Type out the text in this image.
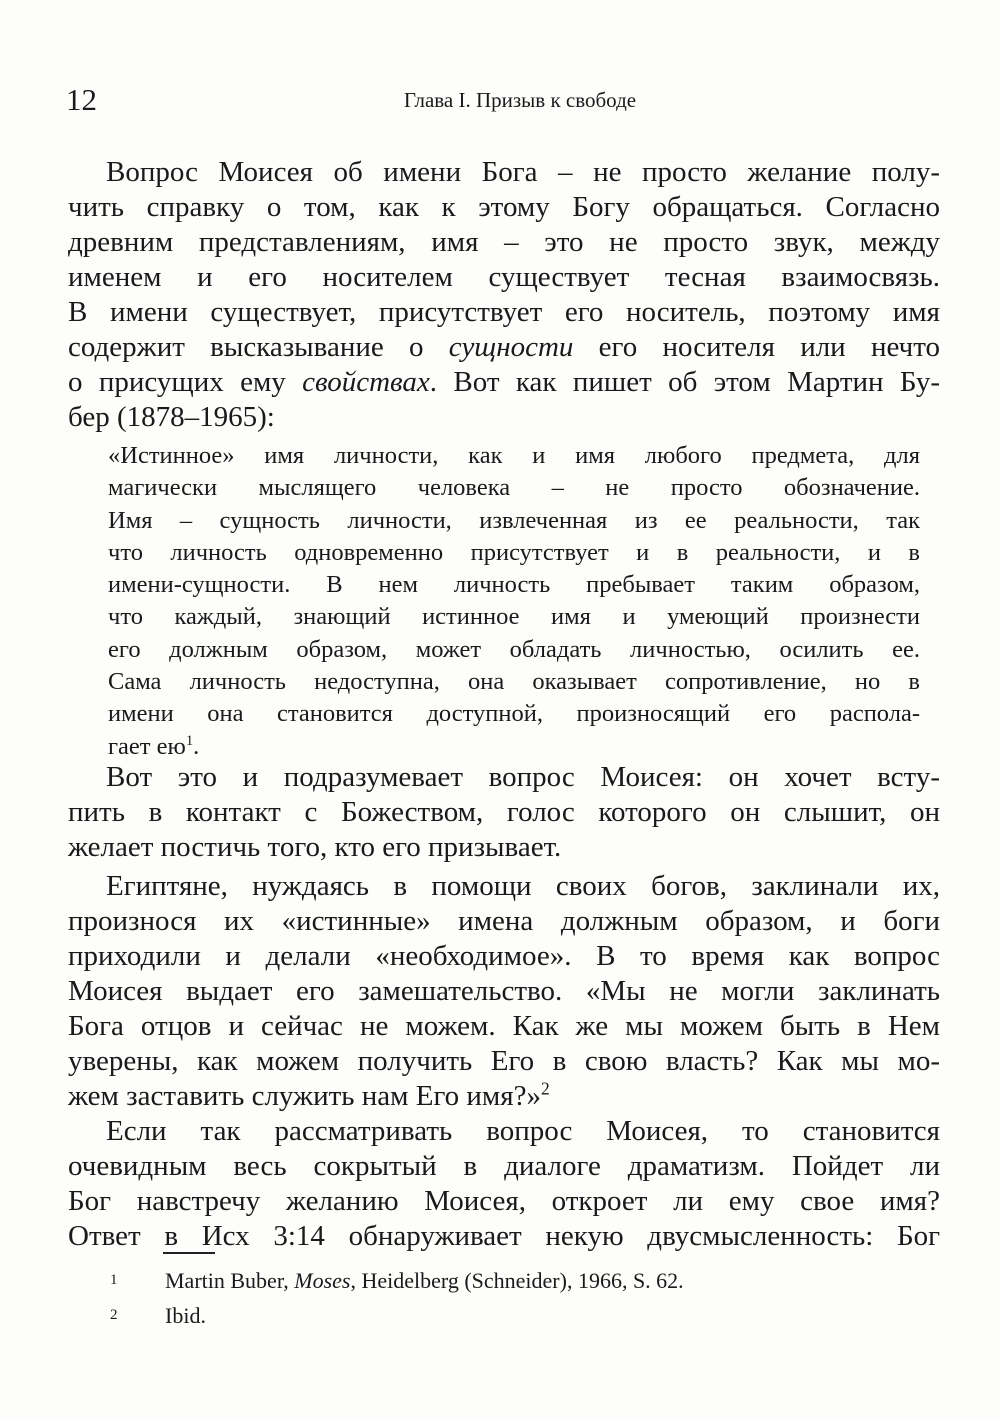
12	Глава I. Призыв к свободе
Вопрос Моисея об имени Бога – не просто желание полу-
чить справку о том, как к этому Богу обращаться. Согласно
древним представлениям, имя – это не просто звук, между
именем и его носителем существует тесная взаимосвязь.
В имени существует, присутствует его носитель, поэтому имя
содержит высказывание о сущности его носителя или нечто
о присущих ему свойствах. Вот как пишет об этом Мартин Бу-
бер (1878–1965):
«Истинное» имя личности, как и имя любого предмета, для
магически мыслящего человека – не просто обозначение.
Имя – сущность личности, извлеченная из ее реальности, так
что личность одновременно присутствует и в реальности, и в
имени-сущности. В нем личность пребывает таким образом,
что каждый, знающий истинное имя и умеющий произнести
его должным образом, может обладать личностью, осилить ее.
Сама личность недоступна, она оказывает сопротивление, но в
имени она становится доступной, произносящий его распола-
гает $ею^1$.
Вот это и подразумевает вопрос Моисея: он хочет всту-
пить в контакт с Божеством, голос которого он слышит, он
желает постичь того, кто его призывает.
Египтяне, нуждаясь в помощи своих богов, заклинали их,
произнося их «истинные» имена должным образом, и боги
приходили и делали «необходимое». В то время как вопрос
Моисея выдает его замешательство. «Мы не могли заклинать
Бога отцов и сейчас не можем. Как же мы можем быть в Нем
уверены, как можем получить Его в свою власть? Как мы мо-
жем заставить служить нам Его имя?»$^2$
Если так рассматривать вопрос Моисея, то становится
очевидным весь сокрытый в диалоге драматизм. Пойдет ли
Бог навстречу желанию Моисея, откроет ли ему свое имя?
Ответ в Исх 3:14 обнаруживает некую двусмысленность: Бог
1 Martin Buber, Moses, Heidelberg (Schneider), 1966, S. 62.
2 Ibid.
